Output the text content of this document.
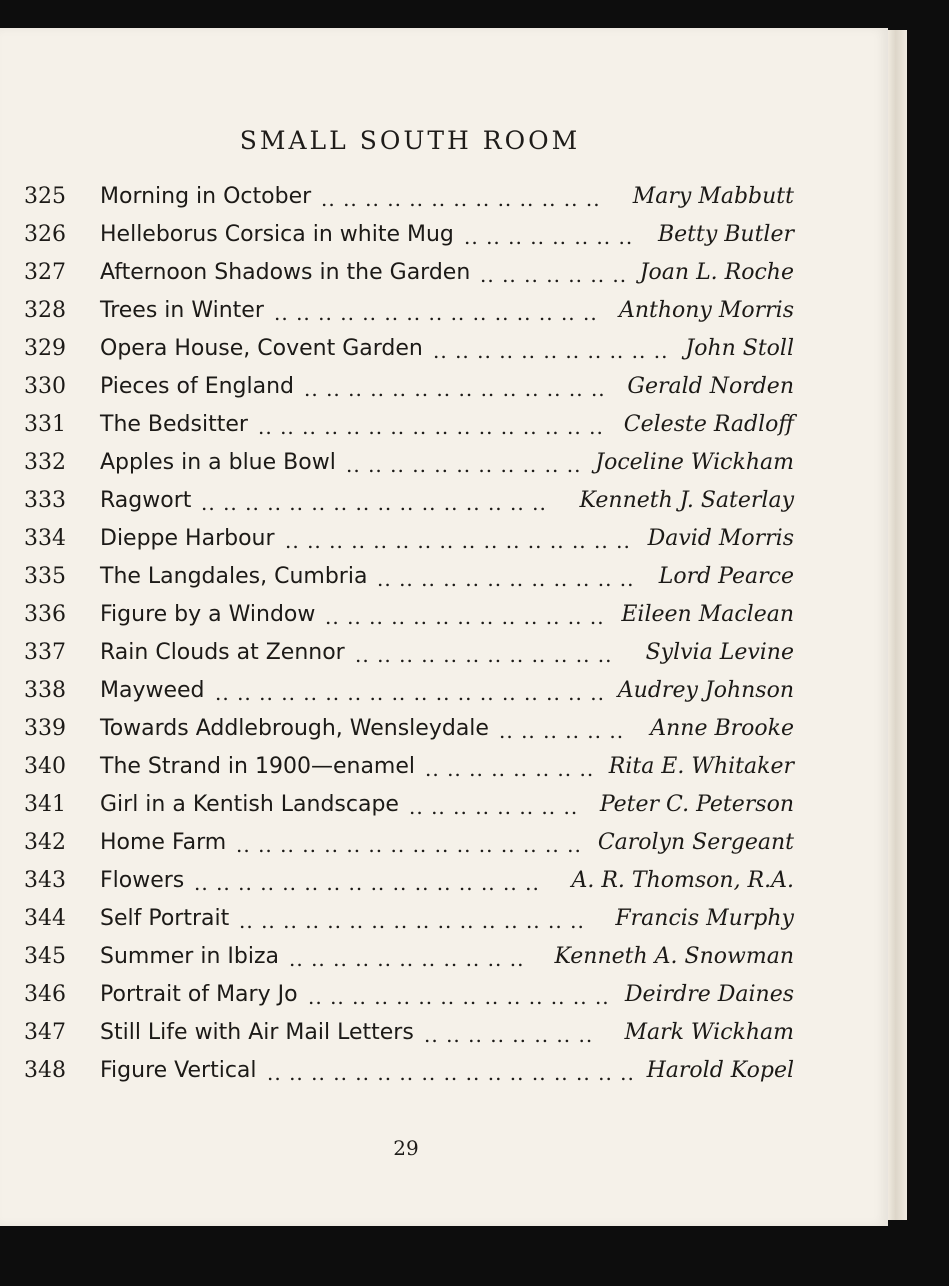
SMALL SOUTH ROOM
325 Morning in October .. .. .. .. .. .. .. .. .. .. .. .. .. Mary Mabbutt
326 Helleborus Corsica in white Mug .. .. .. .. .. .. .. .. Betty Butler
327 Afternoon Shadows in the Garden .. .. .. .. .. .. .. Joan L. Roche
328 Trees in Winter .. .. .. .. .. .. .. .. .. .. .. .. .. .. .. Anthony Morris
329 Opera House, Covent Garden .. .. .. .. .. .. .. .. .. .. .. John Stoll
330 Pieces of England .. .. .. .. .. .. .. .. .. .. .. .. .. .. Gerald Norden
331 The Bedsitter .. .. .. .. .. .. .. .. .. .. .. .. .. .. .. .. Celeste Radloff
332 Apples in a blue Bowl .. .. .. .. .. .. .. .. .. .. .. Joceline Wickham
333 Ragwort .. .. .. .. .. .. .. .. .. .. .. .. .. .. .. .. Kenneth J. Saterlay
334 Dieppe Harbour .. .. .. .. .. .. .. .. .. .. .. .. .. .. .. .. David Morris
335 The Langdales, Cumbria .. .. .. .. .. .. .. .. .. .. .. .. Lord Pearce
336 Figure by a Window .. .. .. .. .. .. .. .. .. .. .. .. .. Eileen Maclean
337 Rain Clouds at Zennor .. .. .. .. .. .. .. .. .. .. .. .. Sylvia Levine
338 Mayweed .. .. .. .. .. .. .. .. .. .. .. .. .. .. .. .. .. .. Audrey Johnson
339 Towards Addlebrough, Wensleydale .. .. .. .. .. .. Anne Brooke
340 The Strand in 1900—enamel .. .. .. .. .. .. .. .. Rita E. Whitaker
341 Girl in a Kentish Landscape .. .. .. .. .. .. .. .. Peter C. Peterson
342 Home Farm .. .. .. .. .. .. .. .. .. .. .. .. .. .. .. .. Carolyn Sergeant
343 Flowers .. .. .. .. .. .. .. .. .. .. .. .. .. .. .. .. A. R. Thomson, R.A.
344 Self Portrait .. .. .. .. .. .. .. .. .. .. .. .. .. .. .. .. Francis Murphy
345 Summer in Ibiza .. .. .. .. .. .. .. .. .. .. .. Kenneth A. Snowman
346 Portrait of Mary Jo .. .. .. .. .. .. .. .. .. .. .. .. .. .. Deirdre Daines
347 Still Life with Air Mail Letters .. .. .. .. .. .. .. .. Mark Wickham
348 Figure Vertical .. .. .. .. .. .. .. .. .. .. .. .. .. .. .. .. .. Harold Kopel
29
